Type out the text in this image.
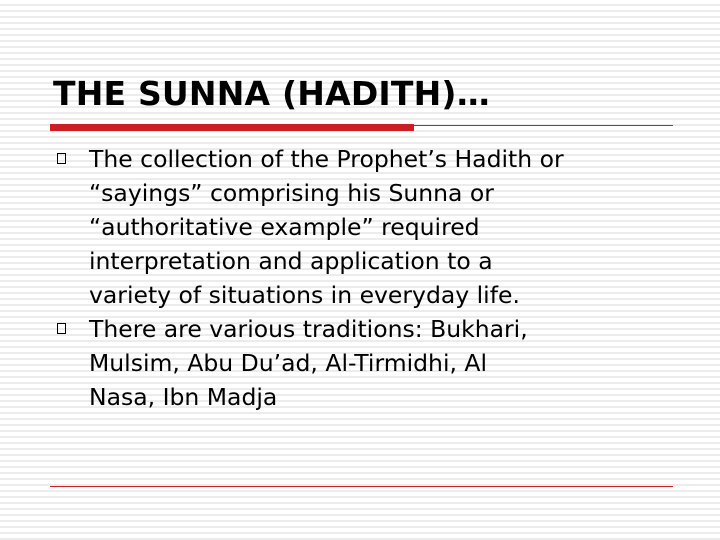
THE SUNNA (HADITH)…
The collection of the Prophet’s Hadith or
“sayings” comprising his Sunna or
“authoritative example” required
interpretation and application to a
variety of situations in everyday life.
There are various traditions: Bukhari,
Mulsim, Abu Du’ad, Al-Tirmidhi, Al
Nasa, Ibn Madja
